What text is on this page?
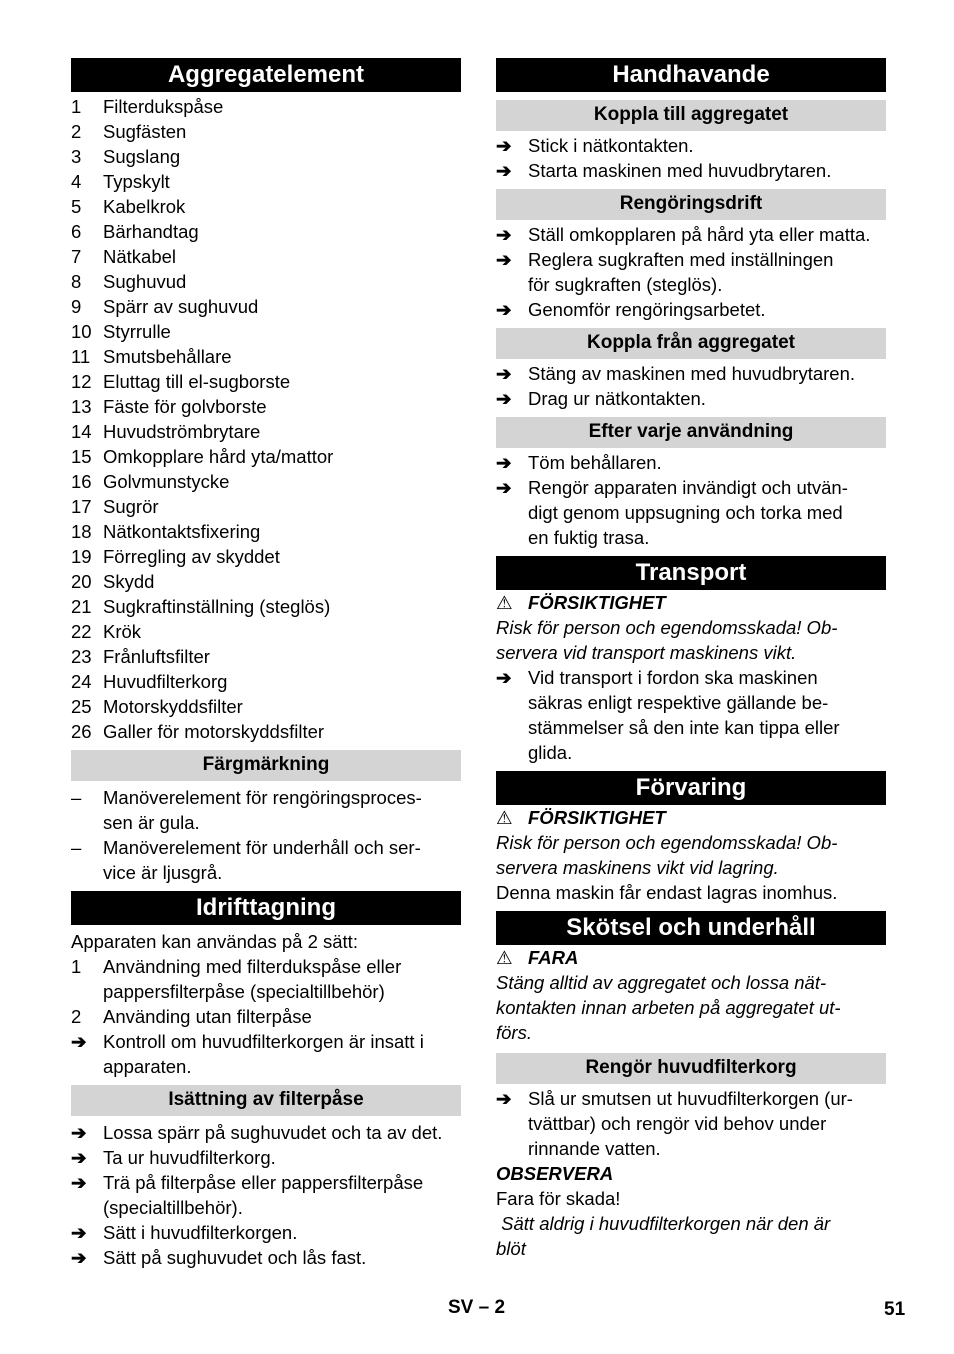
Aggregatelement
1	Filterdukspåse
2	Sugfästen
3	Sugslang
4	Typskylt
5	Kabelkrok
6	Bärhandtag
7	Nätkabel
8	Sughuvud
9	Spärr av sughuvud
10 Styrrulle
11 Smutsbehållare
12 Eluttag till el-sugborste
13 Fäste för golvborste
14 Huvudströmbrytare
15 Omkopplare hård yta/mattor
16 Golvmunstycke
17 Sugrör
18 Nätkontaktsfixering
19 Förregling av skyddet
20 Skydd
21 Sugkraftinställning (steglös)
22 Krök
23 Frånluftsfilter
24 Huvudfilterkorg
25 Motorskyddsfilter
26 Galler för motorskyddsfilter
Färgmärkning
–	Manöverelement för rengöringsproces-
sen är gula.
–	Manöverelement för underhåll och ser-
vice är ljusgrå.
Idrifttagning
Apparaten kan användas på 2 sätt:
1	Användning med filterdukspåse eller
pappersfilterpåse (specialtillbehör)
2	Använding utan filterpåse
➔ Kontroll om huvudfilterkorgen är insatt i
apparaten.
Isättning av filterpåse
➔ Lossa spärr på sughuvudet och ta av det.
➔ Ta ur huvudfilterkorg.
➔ Trä på filterpåse eller pappersfilterpåse
(specialtillbehör).
➔ Sätt i huvudfilterkorgen.
➔ Sätt på sughuvudet och lås fast.
Handhavande
Koppla till aggregatet
➔ Stick i nätkontakten.
➔ Starta maskinen med huvudbrytaren.
Rengöringsdrift
➔ Ställ omkopplaren på hård yta eller matta.
➔ Reglera sugkraften med inställningen
för sugkraften (steglös).
➔ Genomför rengöringsarbetet.
Koppla från aggregatet
➔ Stäng av maskinen med huvudbrytaren.
➔ Drag ur nätkontakten.
Efter varje användning
➔ Töm behållaren.
➔ Rengör apparaten invändigt och utvän-
digt genom uppsugning och torka med
en fuktig trasa.
Transport
⚠ FÖRSIKTIGHET
Risk för person och egendomsskada! Ob-
servera vid transport maskinens vikt.
➔ Vid transport i fordon ska maskinen
säkras enligt respektive gällande be-
stämmelser så den inte kan tippa eller
glida.
Förvaring
⚠ FÖRSIKTIGHET
Risk för person och egendomsskada! Ob-
servera maskinens vikt vid lagring.
Denna maskin får endast lagras inomhus.
Skötsel och underhåll
⚠ FARA
Stäng alltid av aggregatet och lossa nät-
kontakten innan arbeten på aggregatet ut-
förs.
Rengör huvudfilterkorg
➔ Slå ur smutsen ut huvudfilterkorgen (ur-
tvättbar) och rengör vid behov under
rinnande vatten.
OBSERVERA
Fara för skada!
Sätt aldrig i huvudfilterkorgen när den är
blöt
SV – 2	51
